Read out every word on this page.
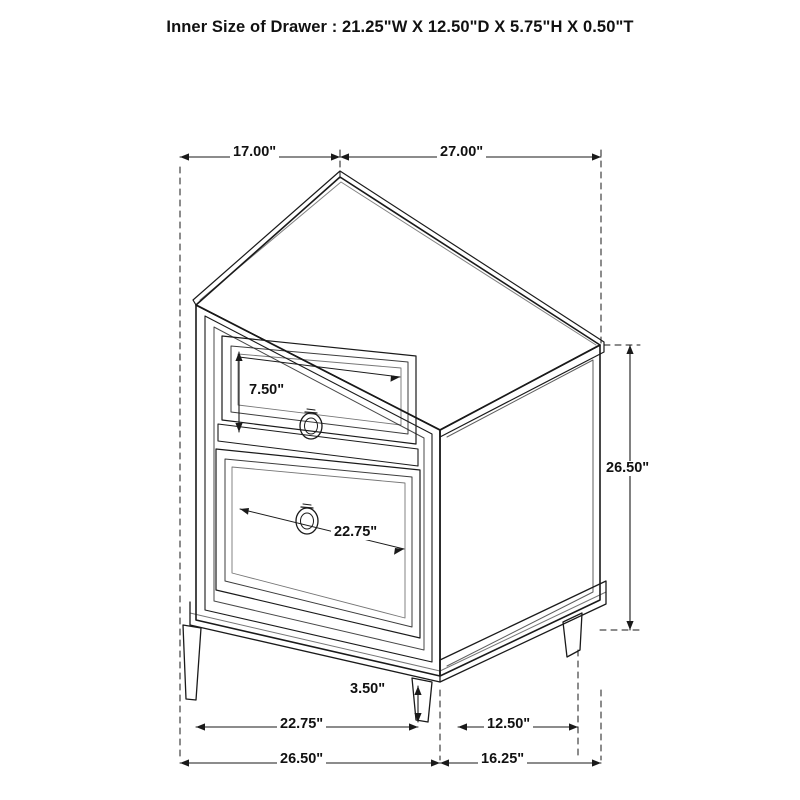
Inner Size of Drawer : 21.25"W X 12.50"D X 5.75"H X 0.50"T
17.00"	27.00"
7.50"
22.75"
26.50"
3.50"
22.75"	12.50"
26.50"	16.25"
